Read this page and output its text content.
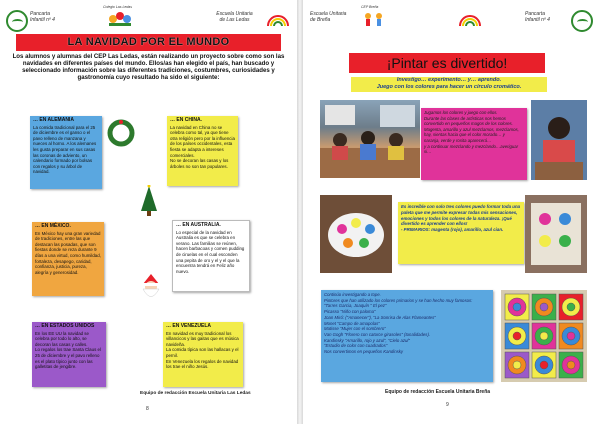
Pancarta
Infantil nº 4
Colegio Las Ledas
Escuela Unitaria
de Las Ledas
LA NAVIDAD POR EL MUNDO
Los alumnos y alumnas del CEP Las Ledas, están realizando un proyecto sobre como son las navidades en diferentes países del mundo. Ellos/as han elegido el país, han buscado y seleccionado información sobre las diferentes tradiciones, costumbres, curiosidades y gastronomía cuyo resultado ha sido el siguiente:
… EN ALEMANIA
La comida tradicional para el 25 de diciembre es el ganso o el pavo relleno de manzana y nueces al horno. A los alemanes les gusta preparar en sus casas las coronas de adviento, un calendario formado por bolsas con regalos y su árbol de navidad.
… EN CHINA.
La navidad en China no se celebra como tal, ya que tiene otra religión pero por la influencia de los países occidentales, esta fiesta se adapta a intereses comerciales.
No se decoran las casas y los árboles no son tan populares.
… EN MÉXICO.
En México hay una gran variedad de tradiciones, entre las que destacan las posadas, que son fiestas donde se reza durante 9 días a una virtud, como humildad, fortaleza, desapego, caridad, confianza, justicia, pureza, alegría y generosidad.
… EN AUSTRALIA.
Lo especial de la navidad en Australia es que se celebra en verano. Las familias se reúnen, hacen barbacoas y comen pudding de ciruelas en el cual esconden una pepita de oro y el y el que la encuentra tendrá en Feliz año nuevo.
… EN ESTADOS UNIDOS
En los EE UU la navidad se celebra por todo lo alto, se decoran las casas y calles.
Lo regalos los trae Santa Claus el 25 de diciembre y el pavo relleno es el plato típico junto con las galletitas de jengibre.
… EN VENEZUELA
En navidad es muy tradicional los villancicos y las gaitas que es música navideña.
La comida típica son las hallacas y el pernil.
En Venezuela los regalos de navidad los trae el niño Jesús.
Equipo de redacción Escuela Unitaria Las Ledas
8
Escuela Unitaria
de Breña
CEP Breña
Pancarta
Infantil nº 4
¡Pintar es divertido!
Investigo… experimento… y… aprendo.
Juego con los colores para hacer un círculo cromático.
Jugamos los colores y juego con ellos.
Durante las clases de artísticas nos hemos convertido en pequeños magos de los colores.
Magenta, amarillo y azul mezclamos, mezclamos, hay, sientas hacia que el color morado… y
naranja, verde y rosita aparecerá…
y a continuar mezclando y mezclando…averiguar si…
Es increíble con solo tres colores puedo formar toda una paleta que me permite expresar todas mis sensaciones, emociones y todos los colores de la naturaleza. ¡Qué divertido es aprender con ellos!
- PRIMARIOS: magenta (rojo), amarillo, azul cian.
Continúo investigando a tope.
Pintores que han utilizado los colores primarios y se han hecho muy famosos:
"Tarres Garcia, Joaquín " El pez"
Picasso "Niño con paloma"
Joan Miró: ("Amanecer"), "La Sonrisa de Alas Flameantes"
Monet "Campo de amapolas"
Matisse "Mujer con el sombrero"
Van Gogh "Florero con catorce girasoles" (tonalidades).
Kandinsky "Amarillo, rojo y azul", "Cielo azul"
"Estudio de color con cuadrados"
Nos convertimos en pequeños Kandinsky
Equipo de redacción Escuela Unitaria Breña
9
